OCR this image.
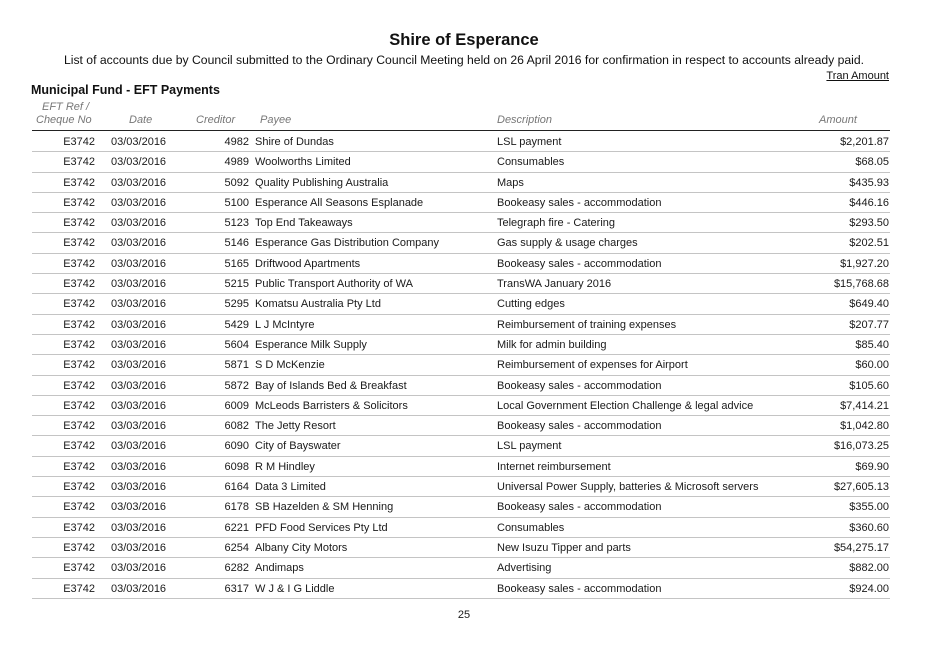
Shire of Esperance
List of accounts due by Council submitted to the Ordinary Council Meeting held on 26 April 2016 for confirmation in respect to accounts already paid.
Tran Amount
Municipal Fund - EFT Payments
EFT Ref /
Cheque No	Date	Creditor Payee	Description	Amount
E3742 03/03/2016	4982 Shire of Dundas	LSL payment	$2,201.87
E3742 03/03/2016	4989 Woolworths Limited	Consumables	$68.05
E3742 03/03/2016	5092 Quality Publishing Australia	Maps	$435.93
E3742 03/03/2016	5100 Esperance All Seasons Esplanade	Bookeasy sales - accommodation	$446.16
E3742 03/03/2016	5123 Top End Takeaways	Telegraph fire - Catering	$293.50
E3742 03/03/2016	5146 Esperance Gas Distribution Company	Gas supply & usage charges	$202.51
E3742 03/03/2016	5165 Driftwood Apartments	Bookeasy sales - accommodation	$1,927.20
E3742 03/03/2016	5215 Public Transport Authority of WA	TransWA January 2016	$15,768.68
E3742 03/03/2016	5295 Komatsu Australia Pty Ltd	Cutting edges	$649.40
E3742 03/03/2016	5429 L J McIntyre	Reimbursement of training expenses	$207.77
E3742 03/03/2016	5604 Esperance Milk Supply	Milk for admin building	$85.40
E3742 03/03/2016	5871 S D McKenzie	Reimbursement of expenses for Airport	$60.00
E3742 03/03/2016	5872 Bay of Islands Bed & Breakfast	Bookeasy sales - accommodation	$105.60
E3742 03/03/2016	6009 McLeods Barristers & Solicitors	Local Government Election Challenge & legal advice	$7,414.21
E3742 03/03/2016	6082 The Jetty Resort	Bookeasy sales - accommodation	$1,042.80
E3742 03/03/2016	6090 City of Bayswater	LSL payment	$16,073.25
E3742 03/03/2016	6098 R M Hindley	Internet reimbursement	$69.90
E3742 03/03/2016	6164 Data 3 Limited	Universal Power Supply, batteries & Microsoft servers	$27,605.13
E3742 03/03/2016	6178 SB Hazelden & SM Henning	Bookeasy sales - accommodation	$355.00
E3742 03/03/2016	6221 PFD Food Services Pty Ltd	Consumables	$360.60
E3742 03/03/2016	6254 Albany City Motors	New Isuzu Tipper and parts	$54,275.17
E3742 03/03/2016	6282 Andimaps	Advertising	$882.00
E3742 03/03/2016	6317 W J & I G Liddle	Bookeasy sales - accommodation	$924.00
25
